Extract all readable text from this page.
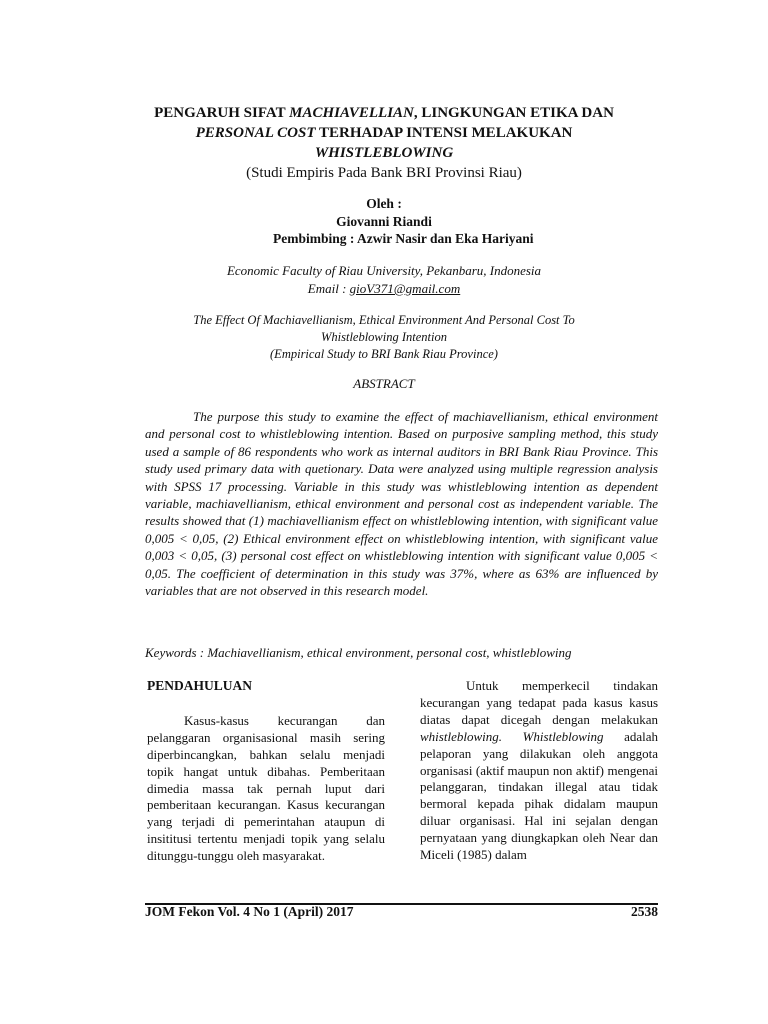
PENGARUH SIFAT MACHIAVELLIAN, LINGKUNGAN ETIKA DAN
PERSONAL COST TERHADAP INTENSI MELAKUKAN
WHISTLEBLOWING
(Studi Empiris Pada Bank BRI Provinsi Riau)
Oleh :
Giovanni Riandi
Pembimbing : Azwir Nasir dan Eka Hariyani
Economic Faculty of Riau University, Pekanbaru, Indonesia
Email : gioV371@gmail.com
The Effect Of Machiavellianism, Ethical Environment And Personal Cost To
Whistleblowing Intention
(Empirical Study to BRI Bank Riau Province)
ABSTRACT
The purpose this study to examine the effect of machiavellianism, ethical environment and personal cost to whistleblowing intention. Based on purposive sampling method, this study used a sample of 86 respondents who work as internal auditors in BRI Bank Riau Province. This study used primary data with quetionary. Data were analyzed using multiple regression analysis with SPSS 17 processing. Variable in this study was whistleblowing intention as dependent variable, machiavellianism, ethical environment and personal cost as independent variable. The results showed that (1) machiavellianism effect on whistleblowing intention, with significant value 0,005 < 0,05, (2) Ethical environment effect on whistleblowing intention, with significant value 0,003 < 0,05, (3) personal cost effect on whistleblowing intention with significant value 0,005 < 0,05. The coefficient of determination in this study was 37%, where as 63% are influenced by variables that are not observed in this research model.
Keywords : Machiavellianism, ethical environment, personal cost, whistleblowing
PENDAHULUAN

Kasus-kasus kecurangan dan pelanggaran organisasional masih sering diperbincangkan, bahkan selalu menjadi topik hangat untuk dibahas. Pemberitaan dimedia massa tak pernah luput dari pemberitaan kecurangan. Kasus kecurangan yang terjadi di pemerintahan ataupun di insititusi tertentu menjadi topik yang selalu ditunggu-tunggu oleh masyarakat.

Untuk memperkecil tindakan kecurangan yang tedapat pada kasus kasus diatas dapat dicegah dengan melakukan whistleblowing. Whistleblowing adalah pelaporan yang dilakukan oleh anggota organisasi (aktif maupun non aktif) mengenai pelanggaran, tindakan illegal atau tidak bermoral kepada pihak didalam maupun diluar organisasi. Hal ini sejalan dengan pernyataan yang diungkapkan oleh Near dan Miceli (1985) dalam

JOM Fekon Vol. 4 No 1 (April) 2017	2538
